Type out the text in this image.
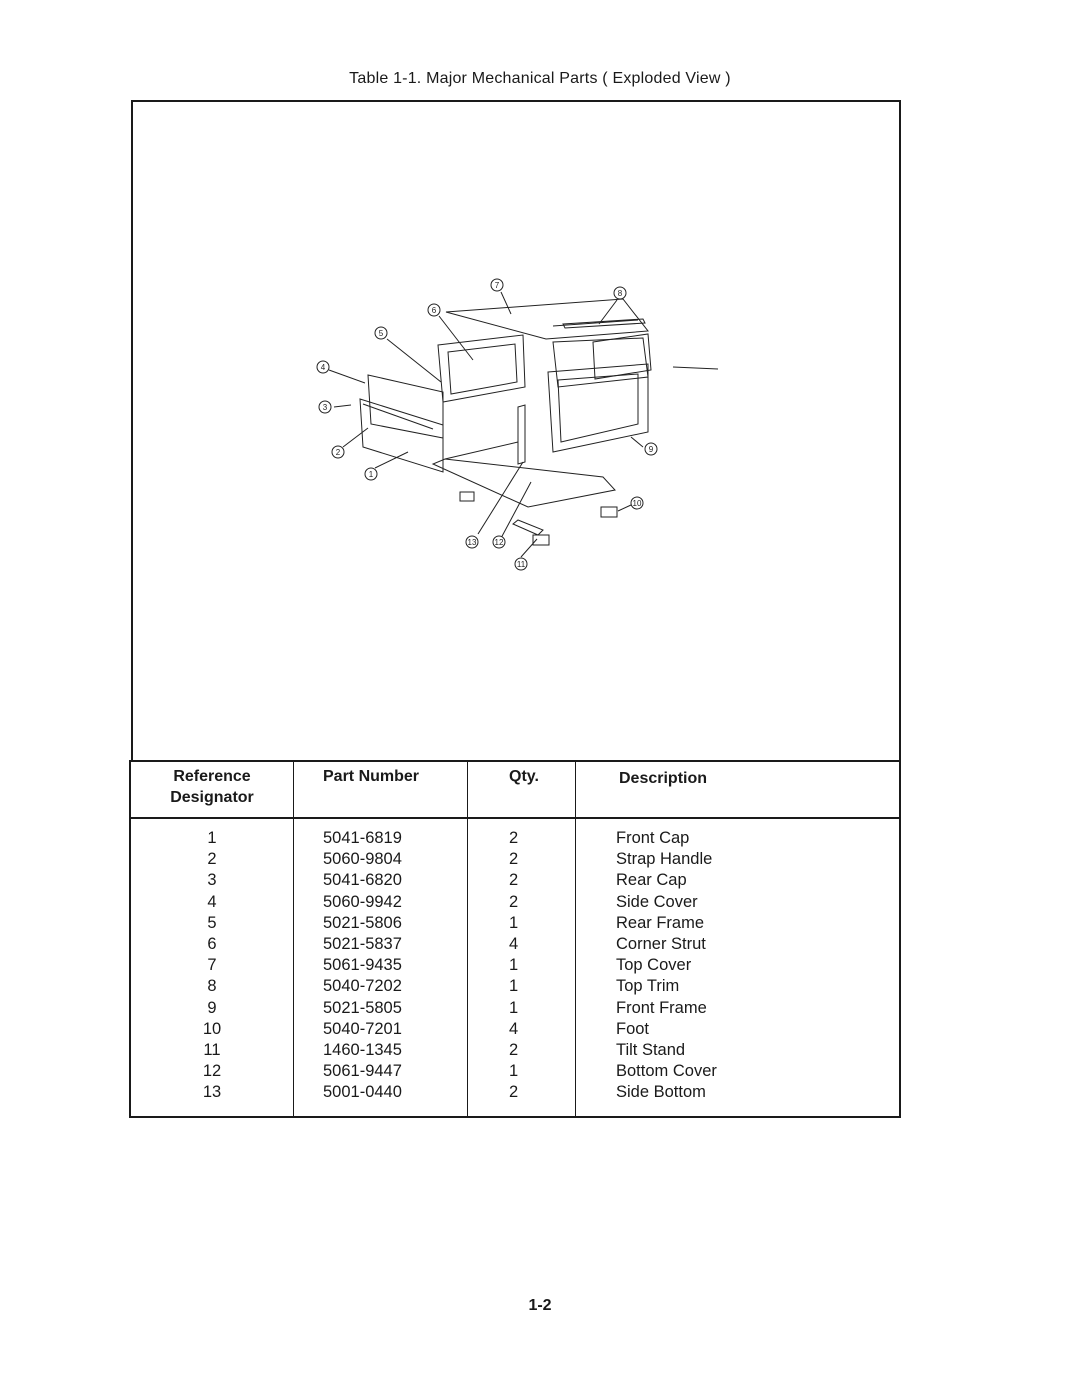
Table 1-1. Major Mechanical Parts ( Exploded View )
1
2
3
4
5
6
7
8
9
10
11
12
13
Reference
Designator
Part Number	Qty.	Description
1
2
3
4
5
6
7
8
9
10
11
12
13
5041-6819
5060-9804
5041-6820
5060-9942
5021-5806
5021-5837
5061-9435
5040-7202
5021-5805
5040-7201
1460-1345
5061-9447
5001-0440
2
2
2
2
1
4
1
1
1
4
2
1
2
Front Cap
Strap Handle
Rear Cap
Side Cover
Rear Frame
Corner Strut
Top Cover
Top Trim
Front Frame
Foot
Tilt Stand
Bottom Cover
Side Bottom
1-2
